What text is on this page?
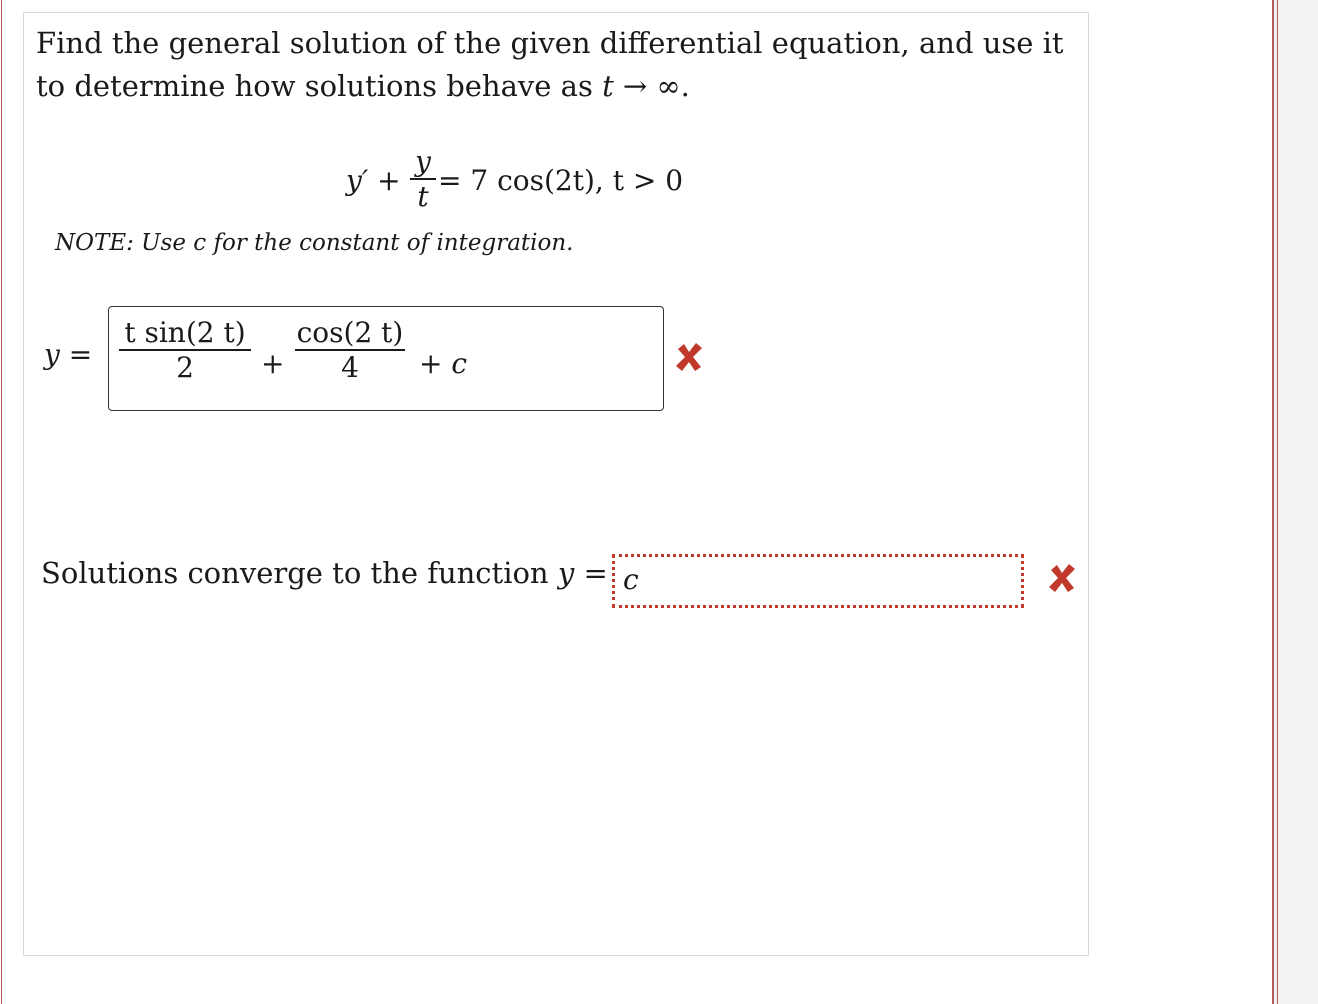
Find the general solution of the given differential equation, and use it
to determine how solutions behave as t → ∞.
y′ +
y
t = 7 cos(2t), t > 0
NOTE: Use c for the constant of integration.
y =
t sin(2 t)
2	+
cos(2 t)
4	+ c
Solutions converge to the function y = c
